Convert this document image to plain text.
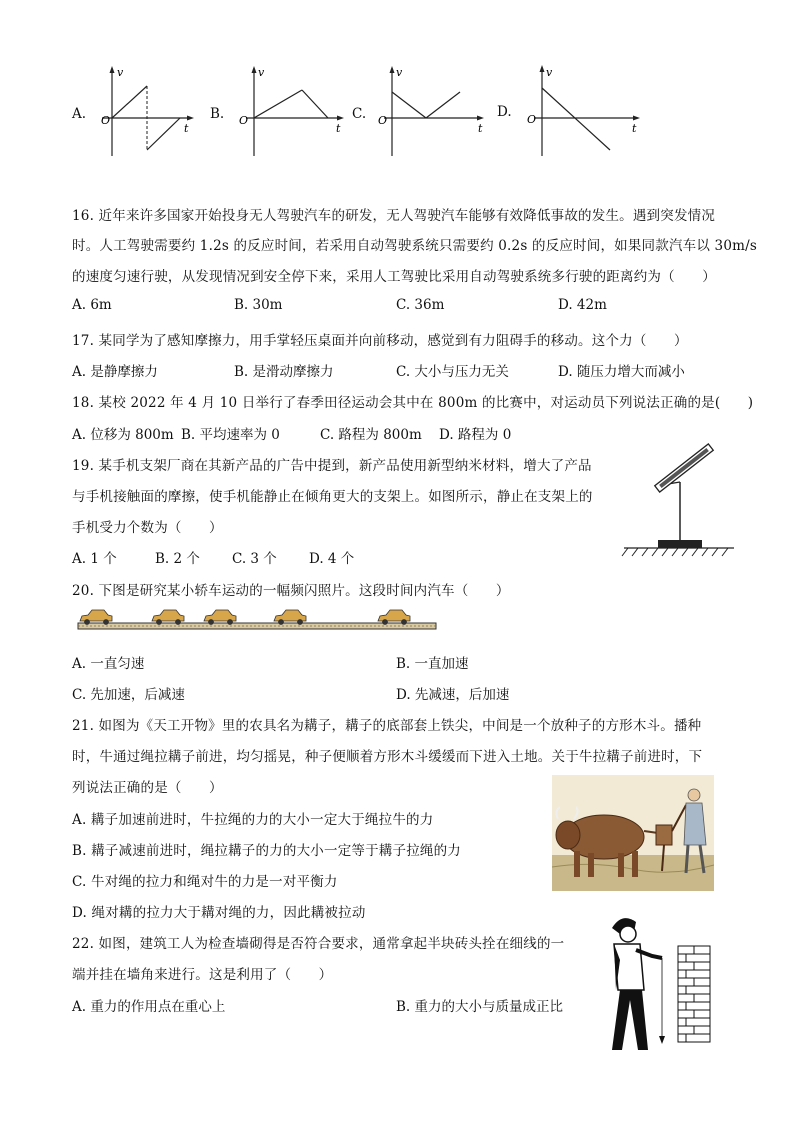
A.
v
O
t
B.
v
O
t
C.
v
O
t
D.
v
O
t
16. 近年来许多国家开始投身无人驾驶汽车的研发，无人驾驶汽车能够有效降低事故的发生。遇到突发情况
时。人工驾驶需要约 1.2s 的反应时间，若采用自动驾驶系统只需要约 0.2s 的反应时间，如果同款汽车以 30m/s
的速度匀速行驶，从发现情况到安全停下来，采用人工驾驶比采用自动驾驶系统多行驶的距离约为（　　）
A. 6m	B. 30m	C. 36m	D. 42m
17. 某同学为了感知摩擦力，用手掌轻压桌面并向前移动，感觉到有力阻碍手的移动。这个力（　　）
A. 是静摩擦力	B. 是滑动摩擦力	C. 大小与压力无关	D. 随压力增大而减小
18. 某校 2022 年 4 月 10 日举行了春季田径运动会其中在 800m 的比赛中，对运动员下列说法正确的是(　　)
A. 位移为 800m B. 平均速率为 0	C. 路程为 800m D. 路程为 0
19. 某手机支架厂商在其新产品的广告中提到，新产品使用新型纳米材料，增大了产品
与手机接触面的摩擦，使手机能静止在倾角更大的支架上。如图所示，静止在支架上的
手机受力个数为（　　）
A. 1 个	B. 2 个 C. 3 个 D. 4 个
20. 下图是研究某小轿车运动的一幅频闪照片。这段时间内汽车（　　）
A. 一直匀速	B. 一直加速
C. 先加速，后减速	D. 先减速，后加速
21. 如图为《天工开物》里的农具名为耩子，耩子的底部套上铁尖，中间是一个放种子的方形木斗。播种
时，牛通过绳拉耩子前进，均匀摇晃，种子便顺着方形木斗缓缓而下进入土地。关于牛拉耩子前进时，下
列说法正确的是（　　）
A. 耩子加速前进时，牛拉绳的力的大小一定大于绳拉牛的力
B. 耩子减速前进时，绳拉耩子的力的大小一定等于耩子拉绳的力
C. 牛对绳的拉力和绳对牛的力是一对平衡力
D. 绳对耩的拉力大于耩对绳的力，因此耩被拉动
22. 如图，建筑工人为检查墙砌得是否符合要求，通常拿起半块砖头拴在细线的一
端并挂在墙角来进行。这是利用了（　　）
A. 重力的作用点在重心上	B. 重力的大小与质量成正比
